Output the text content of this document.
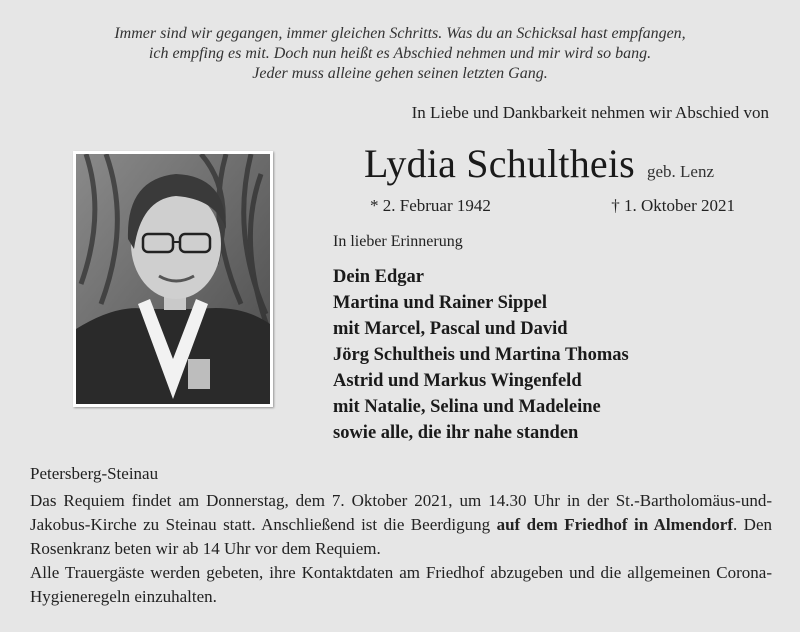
Immer sind wir gegangen, immer gleichen Schritts. Was du an Schicksal hast empfangen,
ich empfing es mit. Doch nun heißt es Abschied nehmen und mir wird so bang.
Jeder muss alleine gehen seinen letzten Gang.
In Liebe und Dankbarkeit nehmen wir Abschied von
Lydia Schultheis geb. Lenz
* 2. Februar 1942	† 1. Oktober 2021
In lieber Erinnerung
Dein Edgar
Martina und Rainer Sippel
mit Marcel, Pascal und David
Jörg Schultheis und Martina Thomas
Astrid und Markus Wingenfeld
mit Natalie, Selina und Madeleine
sowie alle, die ihr nahe standen
Petersberg-Steinau

Das Requiem findet am Donnerstag, dem 7. Oktober 2021, um 14.30 Uhr in der St.-Bartholomäus-und-Jakobus-Kirche zu Steinau statt. Anschließend ist die Beerdigung auf dem Friedhof in Almendorf. Den Rosenkranz beten wir ab 14 Uhr vor dem Requiem.

Alle Trauergäste werden gebeten, ihre Kontaktdaten am Friedhof abzugeben und die allgemeinen Corona-Hygieneregeln einzuhalten.
